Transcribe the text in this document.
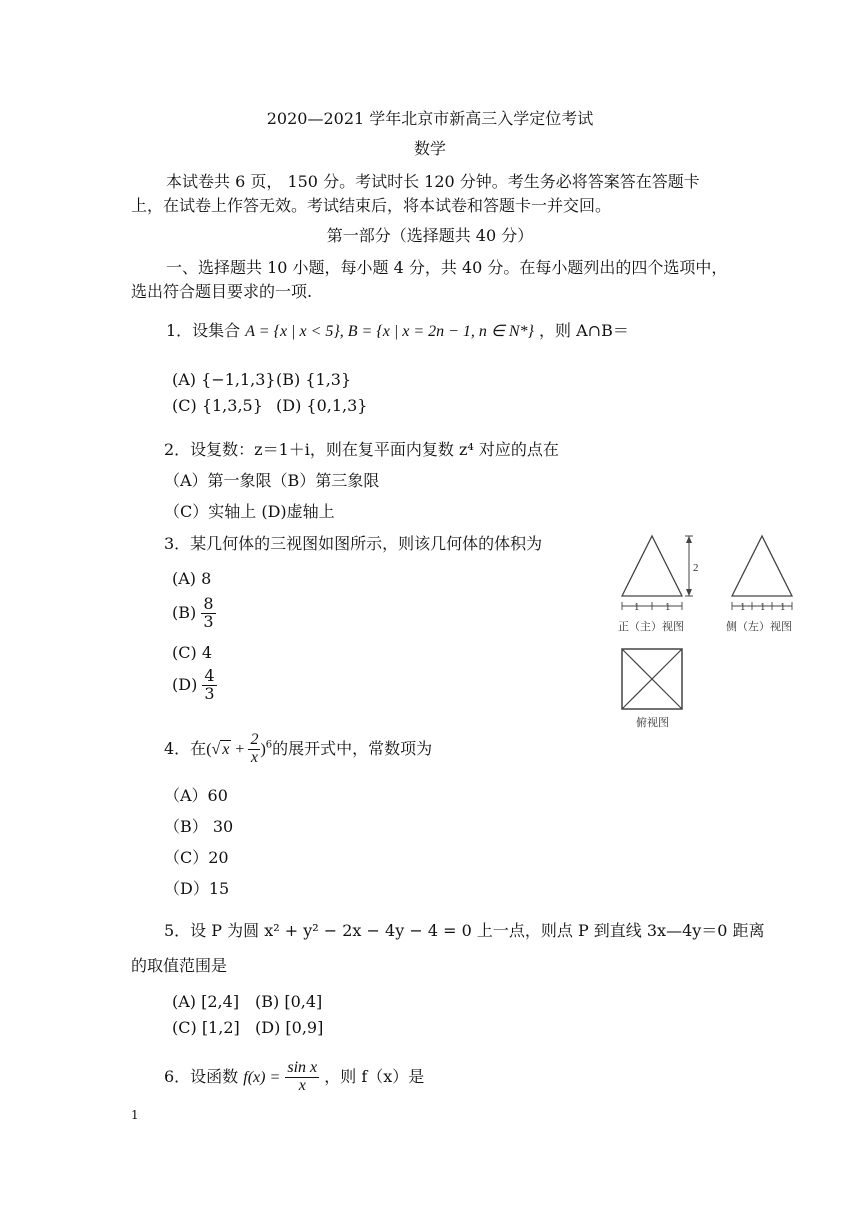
2020—2021 学年北京市新高三入学定位考试
数学
本试卷共 6 页， 150 分。考试时长 120 分钟。考生务必将答案答在答题卡
上，在试卷上作答无效。考试结束后，将本试卷和答题卡一并交回。
第一部分（选择题共 40 分）
一、选择题共 10 小题，每小题 4 分，共 40 分。在每小题列出的四个选项中，
选出符合题目要求的一项.
1．设集合 A = {x | x < 5}, B = {x | x = 2n − 1, n ∈ N*} ，则 A∩B＝
(A) {−1,1,3} (B) {1,3}
(C) {1,3,5} (D) {0,1,3}
2．设复数：z＝1＋i，则在复平面内复数 z⁴ 对应的点在
（A）第一象限（B）第三象限
（C）实轴上 (D)虚轴上
3．某几何体的三视图如图所示，则该几何体的体积为
(A) 8
$(B) \frac{8}{3}$
(C) 4
$(D) \frac{4}{3}$
2
1	1
正（主）视图
1 1 1
侧（左）视图
俯视图
4．在(√ $x + \frac{2}{x} )^6$的展开式中，常数项为
（A）60
（B） 30
（C）20
（D）15
5．设 P 为圆 x² + y² − 2x − 4y − 4 = 0 上一点，则点 P 到直线 3x—4y＝0 距离
的取值范围是
(A) [2,4] (B) [0,4]
(C) [1,2] (D) [0,9]
6．设函数 $f(x) = \frac{\text{sin x}}{x}$ ，则 f（x）是
1
